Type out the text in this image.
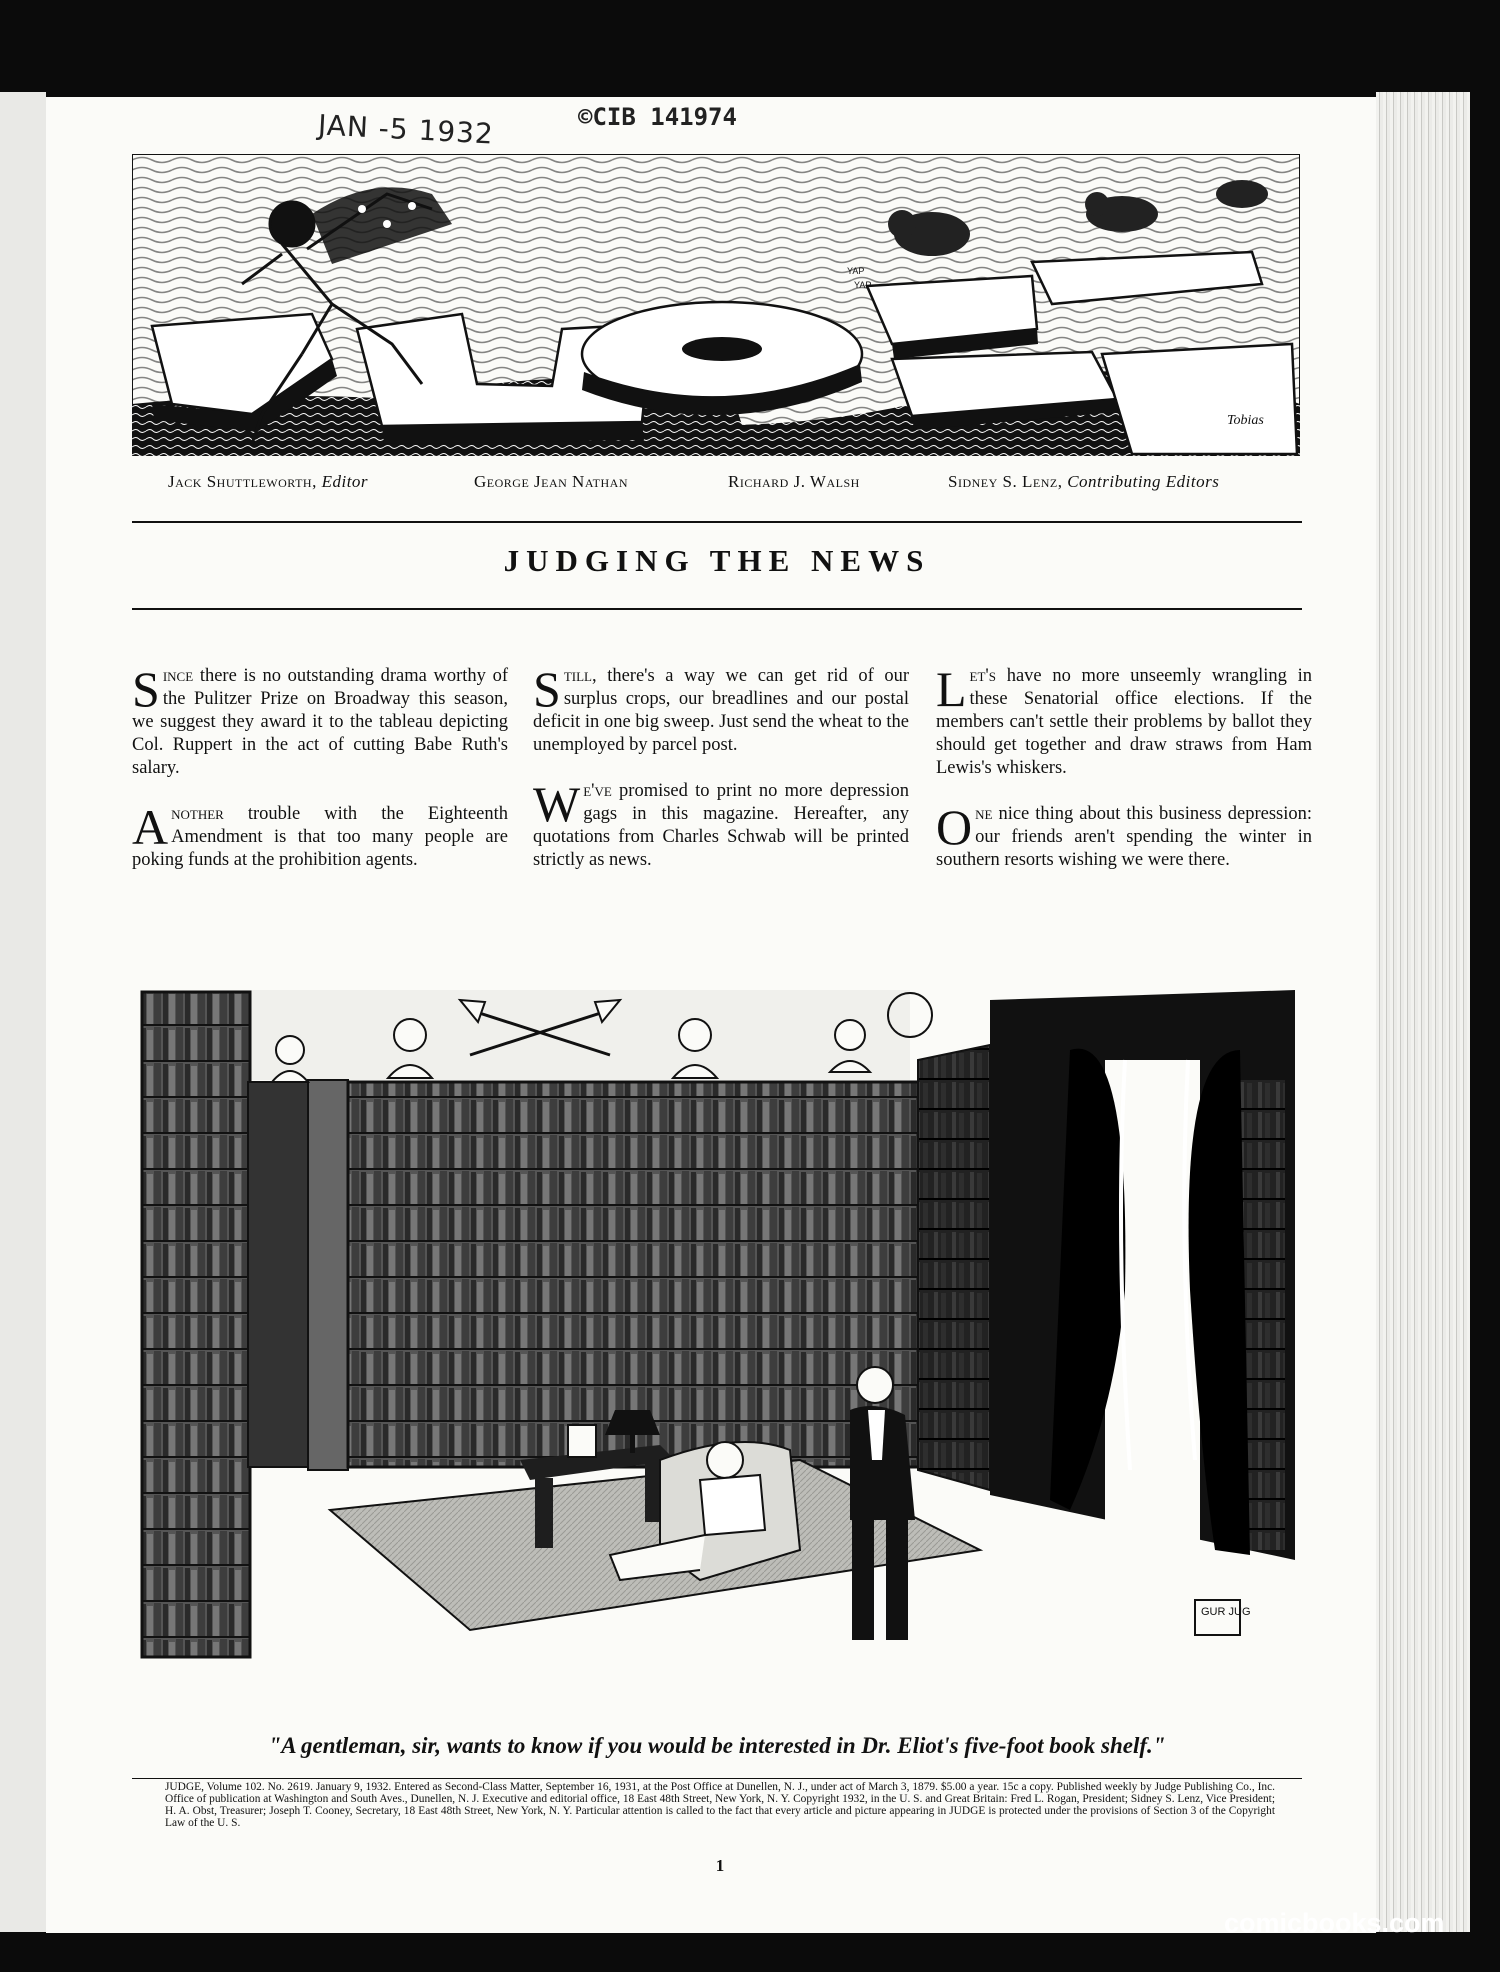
JAN -5 1932	©CIB 141974
YAP
YAP
Tobias
Jack Shuttleworth, Editor	George Jean Nathan	Richard J. Walsh	Sidney S. Lenz, Contributing Editors
JUDGING THE NEWS

Since there is no outstanding drama worthy of the Pulitzer Prize on Broadway this season, we suggest they award it to the tableau depicting Col. Ruppert in the act of cutting Babe Ruth's salary.

Another trouble with the Eighteenth Amendment is that too many people are poking funds at the prohibition agents.

Still, there's a way we can get rid of our surplus crops, our breadlines and our postal deficit in one big sweep. Just send the wheat to the unemployed by parcel post.

We've promised to print no more depression gags in this magazine. Hereafter, any quotations from Charles Schwab will be printed strictly as news.

Let's have no more unseemly wrangling in these Senatorial office elections. If the members can't settle their problems by ballot they should get together and draw straws from Ham Lewis's whiskers.

One nice thing about this business depression: our friends aren't spending the winter in southern resorts wishing we were there.

GUR JUG
"A gentleman, sir, wants to know if you would be interested in Dr. Eliot's five-foot book shelf."
JUDGE, Volume 102. No. 2619. January 9, 1932. Entered as Second-Class Matter, September 16, 1931, at the Post Office at Dunellen, N. J., under act of March 3, 1879. $5.00 a year. 15c a copy. Published weekly by Judge Publishing Co., Inc. Office of publication at Washington and South Aves., Dunellen, N. J. Executive and editorial office, 18 East 48th Street, New York, N. Y. Copyright 1932, in the U. S. and Great Britain: Fred L. Rogan, President; Sidney S. Lenz, Vice President; H. A. Obst, Treasurer; Joseph T. Cooney, Secretary, 18 East 48th Street, New York, N. Y. Particular attention is called to the fact that every article and picture appearing in JUDGE is protected under the provisions of Section 3 of the Copyright Law of the U. S.
1
comicbooks.com
